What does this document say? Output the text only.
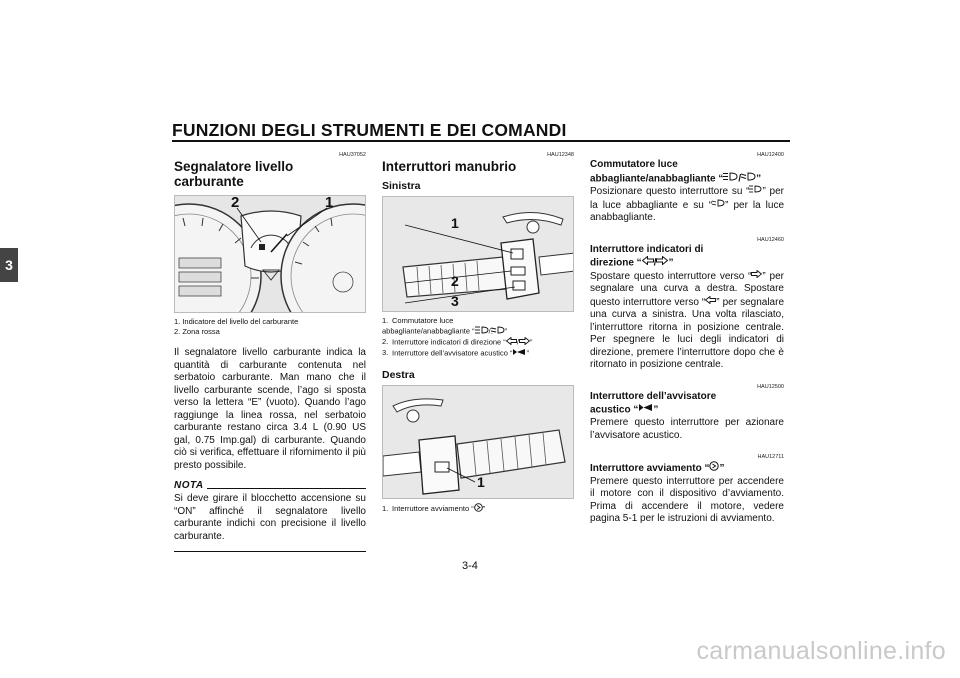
FUNZIONI DEGLI STRUMENTI E DEI COMANDI
3
HAU37052
Segnalatore livello carburante
2	1
1. Indicatore del livello del carburante
2. Zona rossa
Il segnalatore livello carburante indica la quantità di carburante contenuta nel serbatoio carburante. Man mano che il livello carburante scende, l’ago si sposta verso la lettera “E” (vuoto). Quando l’ago raggiunge la linea rossa, nel serbatoio carburante restano circa 3.4 L (0.90 US gal, 0.75 Imp.gal) di carburante. Quando ciò si verifica, effettuare il rifornimento il più presto possibile.
NOTA
Si deve girare il blocchetto accensione su “ON” affinché il segnalatore livello carburante indichi con precisione il livello carburante.
HAU12348
Interruttori manubrio
Sinistra
1
2
3
1. Commutatore luce
abbagliante/anabbagliante “ / ”
2. Interruttore indicatori di direzione “ / ”
3. Interruttore dell’avvisatore acustico “ ”
Destra
1
1. Interruttore avviamento “ ”
HAU12400
Commutatore luce
abbagliante/anabbagliante “ / ”
Posizionare questo interruttore su “ ” per la luce abbagliante e su “ ” per la luce anabbagliante.
HAU12460
Interruttore indicatori di
direzione “ / ”
Spostare questo interruttore verso “ ” per segnalare una curva a destra. Spostare questo interruttore verso “ ” per segnalare una curva a sinistra. Una volta rilasciato, l’interruttore ritorna in posizione centrale. Per spegnere le luci degli indicatori di direzione, premere l’interruttore dopo che è ritornato in posizione centrale.
HAU12500
Interruttore dell’avvisatore
acustico “ ”
Premere questo interruttore per azionare l’avvisatore acustico.
HAU12711
Interruttore avviamento “ ”
Premere questo interruttore per accendere il motore con il dispositivo d’avviamento. Prima di accendere il motore, vedere pagina 5-1 per le istruzioni di avviamento.
3-4
carmanualsonline.info
